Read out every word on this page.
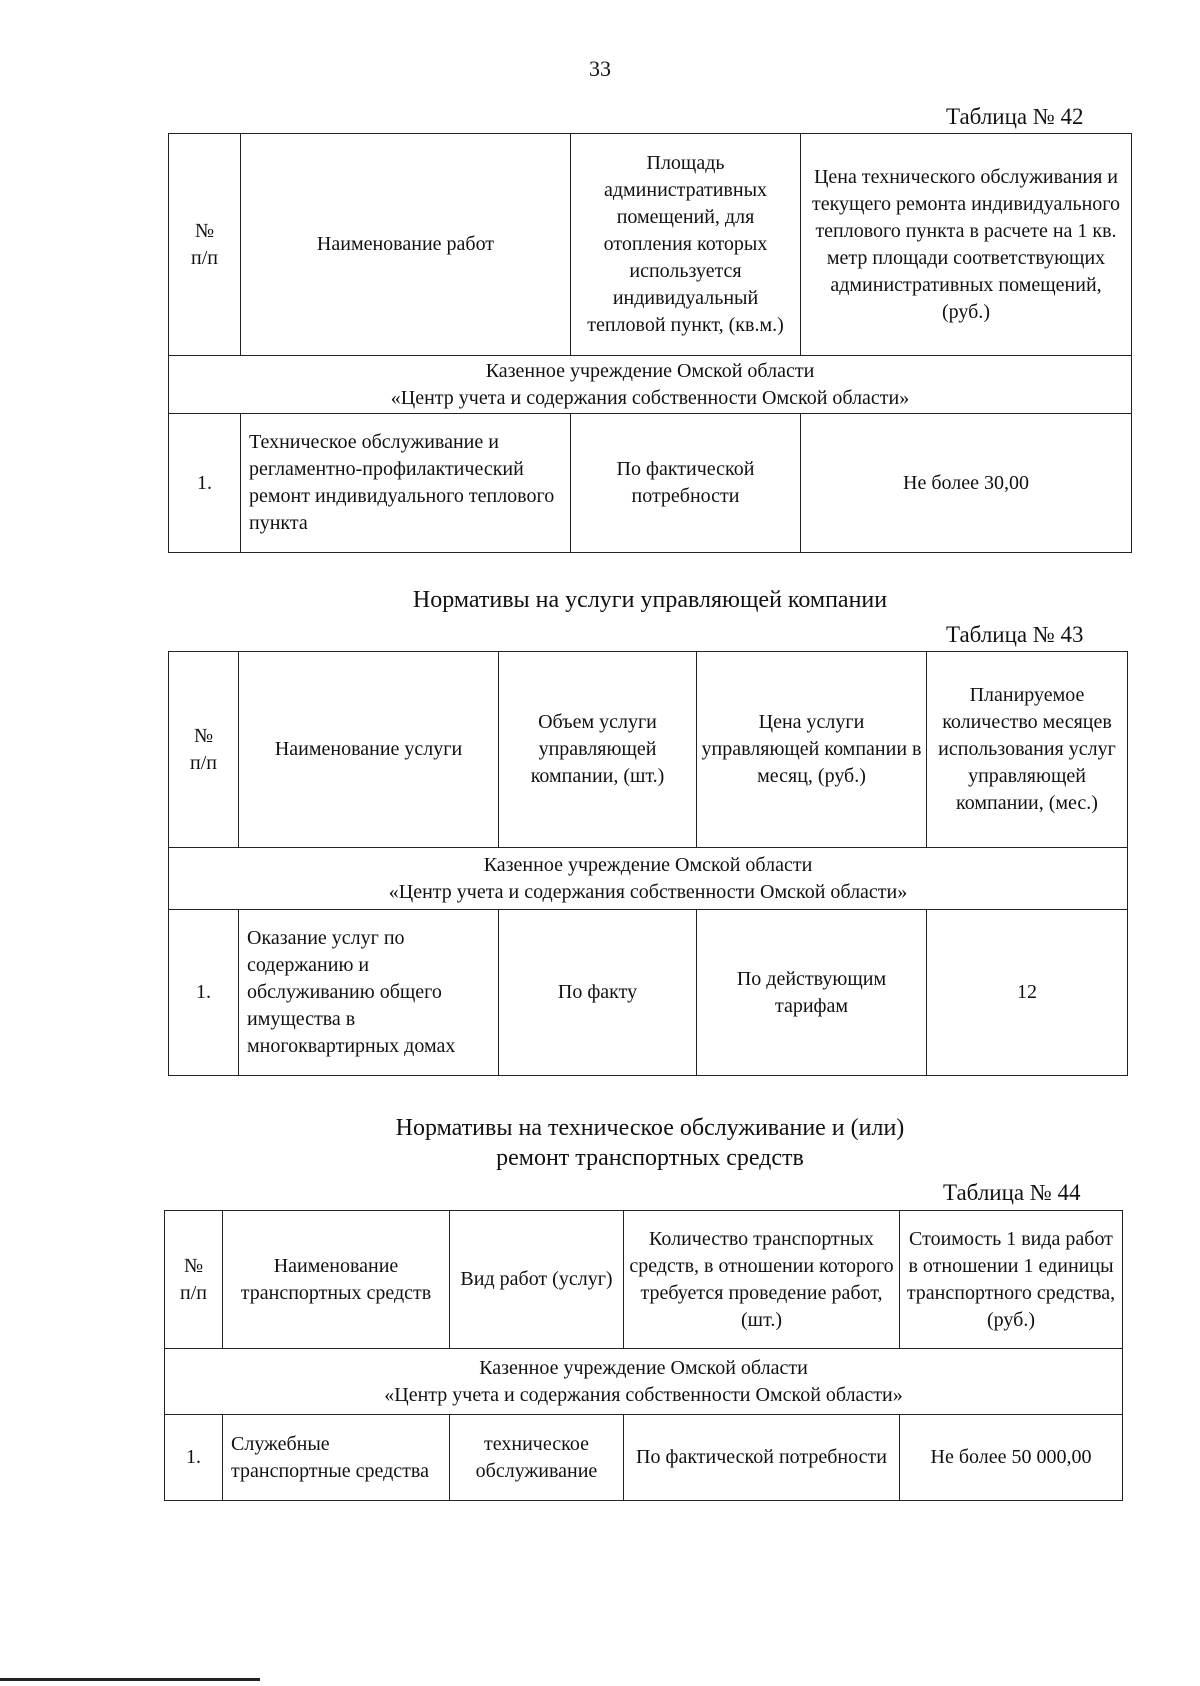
33
Таблица № 42
№
п/п	Наименование работ	Площадь административных помещений, для отопления которых используется индивидуальный тепловой пункт, (кв.м.)	Цена технического обслуживания и текущего ремонта индивидуального теплового пункта в расчете на 1 кв. метр площади соответствующих административных помещений, (руб.)
Казенное учреждение Омской области
«Центр учета и содержания собственности Омской области»			
1.	Техническое обслуживание и регламентно-профилактический ремонт индивидуального теплового пункта	По фактической потребности	Не более 30,00
Нормативы на услуги управляющей компании
Таблица № 43
№
п/п	Наименование услуги	Объем услуги управляющей компании, (шт.)	Цена услуги управляющей компании в месяц, (руб.)	Планируемое количество месяцев использования услуг управляющей компании, (мес.)
Казенное учреждение Омской области
«Центр учета и содержания собственности Омской области»				
1.	Оказание услуг по содержанию и обслуживанию общего имущества в многоквартирных домах	По факту	По действующим тарифам	12
Нормативы на техническое обслуживание и (или)
ремонт транспортных средств
Таблица № 44
№
п/п	Наименование транспортных средств	Вид работ (услуг)	Количество транспортных средств, в отношении которого требуется проведение работ, (шт.)	Стоимость 1 вида работ в отношении 1 единицы транспортного средства, (руб.)
Казенное учреждение Омской области
«Центр учета и содержания собственности Омской области»				
1.	Служебные транспортные средства	техническое обслуживание	По фактической потребности	Не более 50 000,00
